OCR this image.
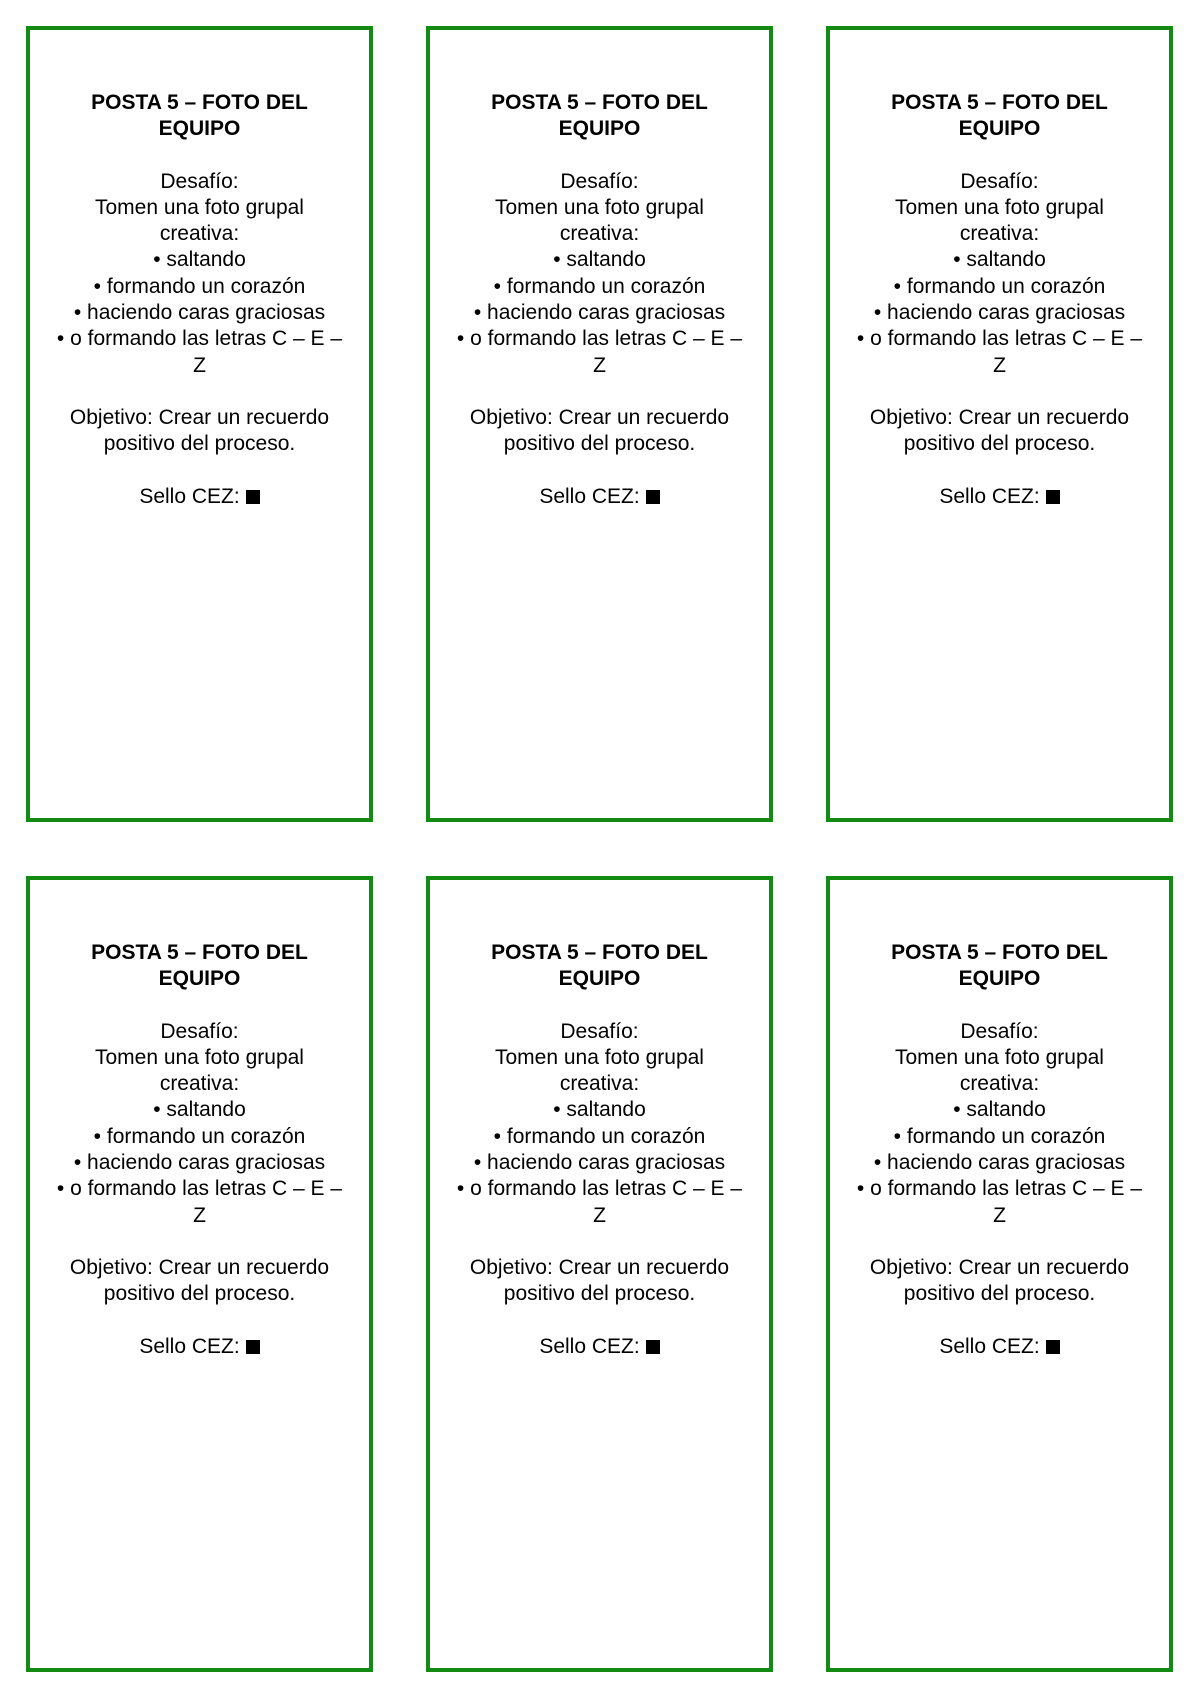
POSTA 5 – FOTO DEL EQUIPO
Desafío:
Tomen una foto grupal creativa:
• saltando
• formando un corazón
• haciendo caras graciosas
• o formando las letras C – E – Z
Objetivo: Crear un recuerdo positivo del proceso.
Sello CEZ:
POSTA 5 – FOTO DEL EQUIPO
Desafío:
Tomen una foto grupal creativa:
• saltando
• formando un corazón
• haciendo caras graciosas
• o formando las letras C – E – Z
Objetivo: Crear un recuerdo positivo del proceso.
Sello CEZ:
POSTA 5 – FOTO DEL EQUIPO
Desafío:
Tomen una foto grupal creativa:
• saltando
• formando un corazón
• haciendo caras graciosas
• o formando las letras C – E – Z
Objetivo: Crear un recuerdo positivo del proceso.
Sello CEZ:
POSTA 5 – FOTO DEL EQUIPO
Desafío:
Tomen una foto grupal creativa:
• saltando
• formando un corazón
• haciendo caras graciosas
• o formando las letras C – E – Z
Objetivo: Crear un recuerdo positivo del proceso.
Sello CEZ:
POSTA 5 – FOTO DEL EQUIPO
Desafío:
Tomen una foto grupal creativa:
• saltando
• formando un corazón
• haciendo caras graciosas
• o formando las letras C – E – Z
Objetivo: Crear un recuerdo positivo del proceso.
Sello CEZ:
POSTA 5 – FOTO DEL EQUIPO
Desafío:
Tomen una foto grupal creativa:
• saltando
• formando un corazón
• haciendo caras graciosas
• o formando las letras C – E – Z
Objetivo: Crear un recuerdo positivo del proceso.
Sello CEZ:
